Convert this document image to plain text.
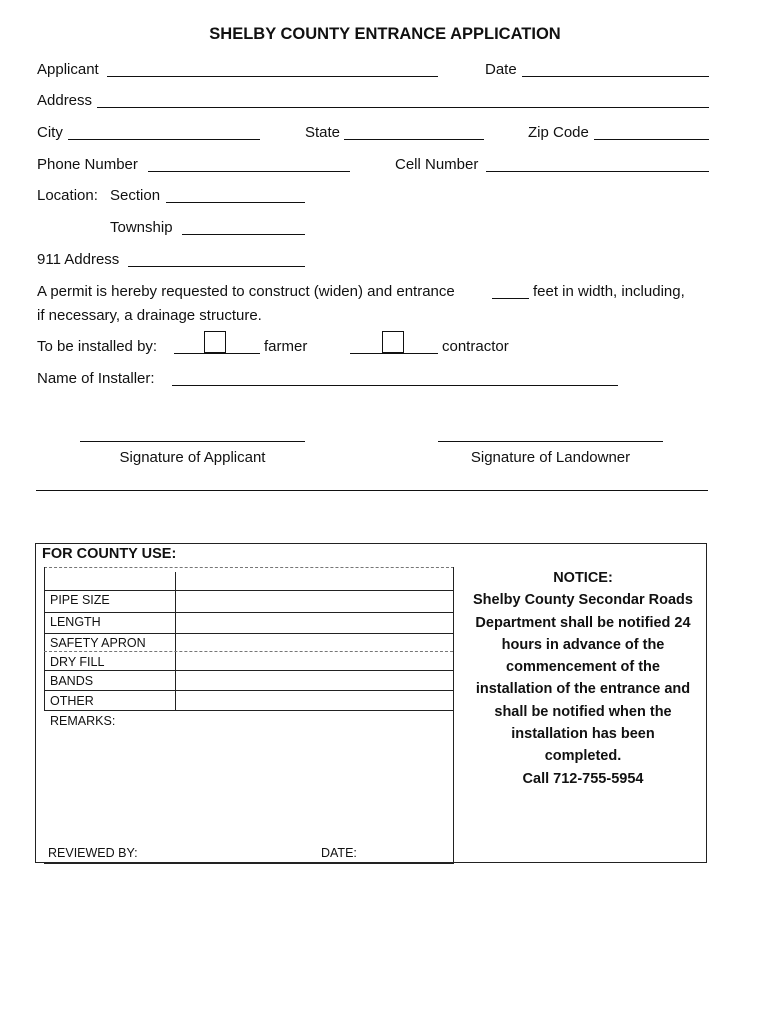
SHELBY COUNTY ENTRANCE APPLICATION
Applicant	Date
Address
City	State	Zip Code
Phone Number	Cell Number
Location: Section
Township
911 Address
A permit is hereby requested to construct (widen) and entrance	feet in width, including,
if necessary, a drainage structure.
To be installed by:	farmer	contractor
Name of Installer:
Signature of Applicant	Signature of Landowner
FOR COUNTY USE:
PIPE SIZE
LENGTH
SAFETY APRON
DRY FILL
BANDS
OTHER
REMARKS:
REVIEWED BY:	DATE:
NOTICE:
Shelby County Secondar Roads
Department shall be notified 24
hours in advance of the
commencement of the
installation of the entrance and
shall be notified when the
installation has been
completed.
Call 712-755-5954
